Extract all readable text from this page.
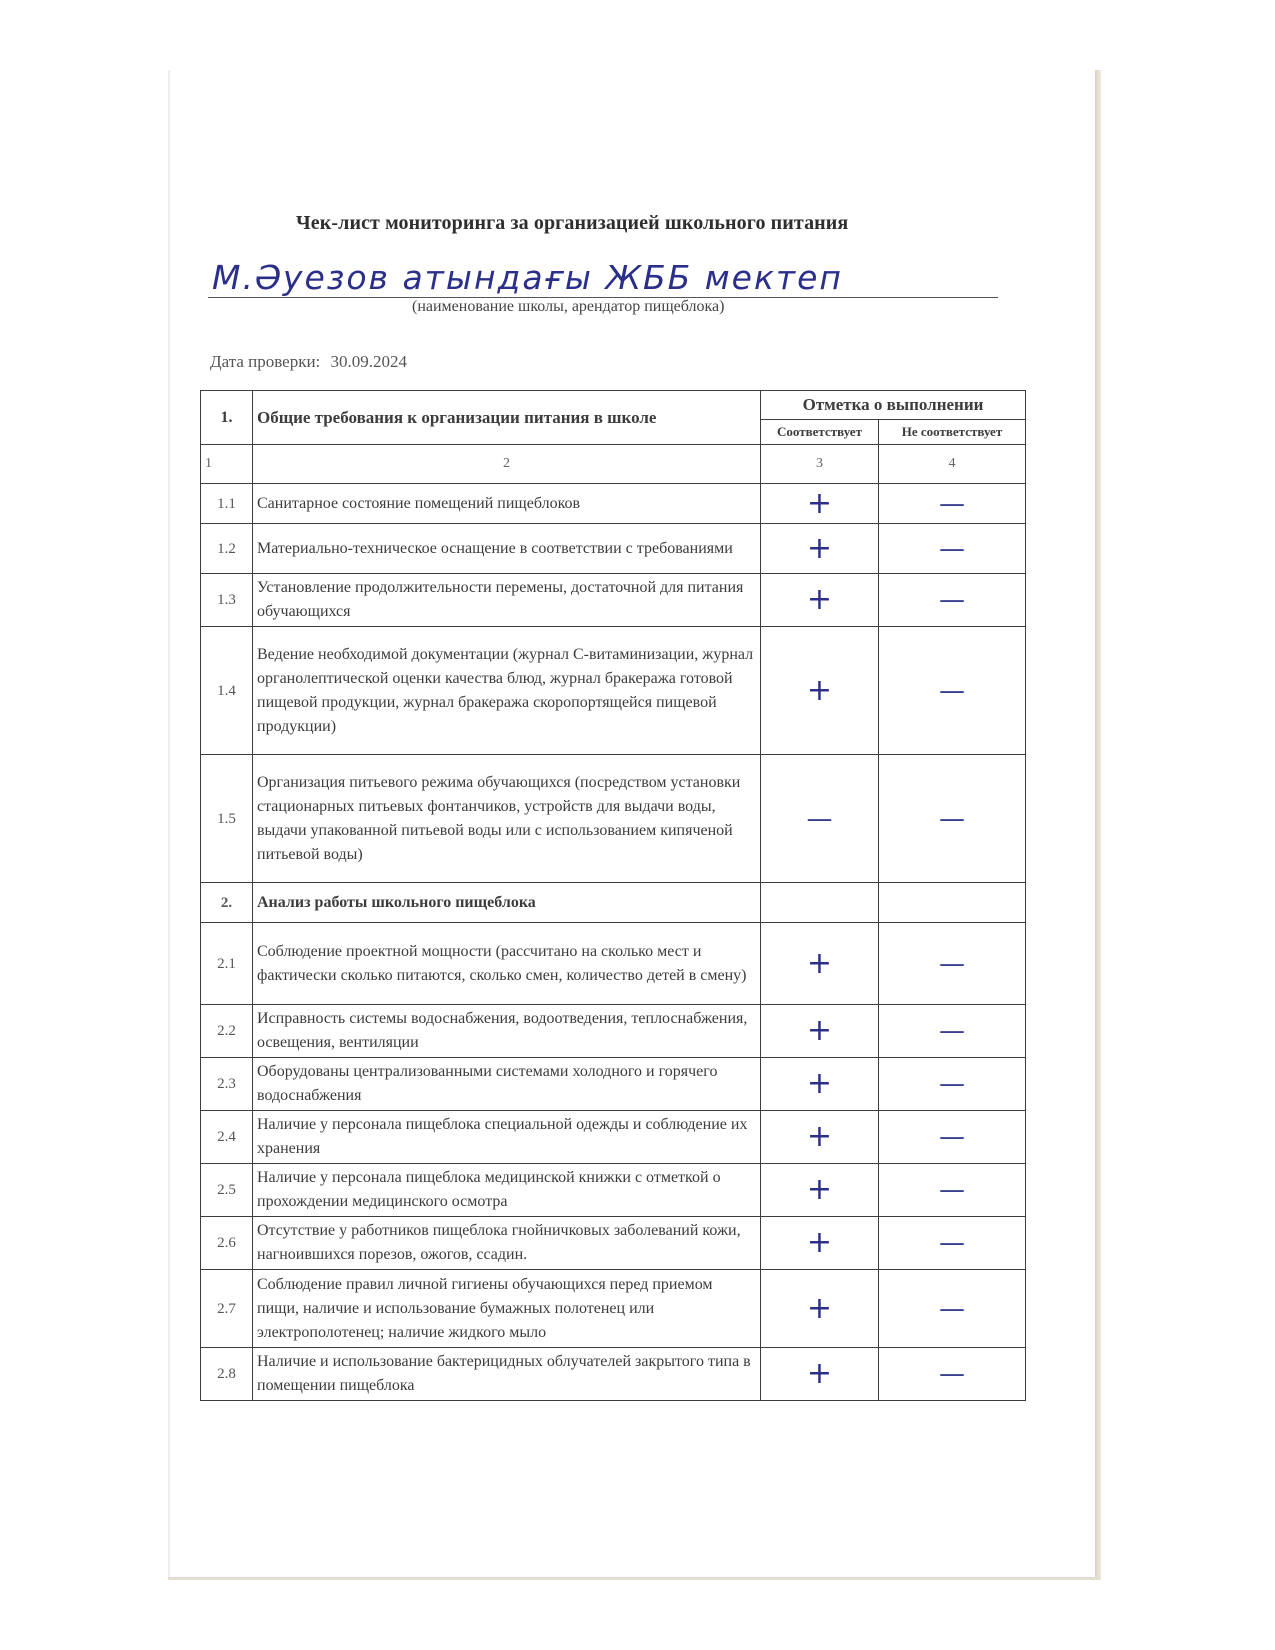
Чек-лист мониторинга за организацией школьного питания
М.Әуезов атындағы ЖББ мектеп
(наименование школы, арендатор пищеблока)
Дата проверки: 30.09.2024
1.	Общие требования к организации питания в школе	Отметка о выполнении	
		Соответствует	Не соответствует
1	2	3	4
1.1	Санитарное состояние помещений пищеблоков	+	—
1.2	Материально-техническое оснащение в соответствии с требованиями	+	—
1.3	Установление продолжительности перемены, достаточной для питания обучающихся	+	—
1.4	Ведение необходимой документации (журнал С-витаминизации, журнал органолептической оценки качества блюд, журнал бракеража готовой пищевой продукции, журнал бракеража скоропортящейся пищевой продукции)	+	—
1.5	Организация питьевого режима обучающихся (посредством установки стационарных питьевых фонтанчиков, устройств для выдачи воды, выдачи упакованной питьевой воды или с использованием кипяченой питьевой воды)	—	—
2.	Анализ работы школьного пищеблока		
2.1	Соблюдение проектной мощности (рассчитано на сколько мест и фактически сколько питаются, сколько смен, количество детей в смену)	+	—
2.2	Исправность системы водоснабжения, водоотведения, теплоснабжения, освещения, вентиляции	+	—
2.3	Оборудованы централизованными системами холодного и горячего водоснабжения	+	—
2.4	Наличие у персонала пищеблока специальной одежды и соблюдение их хранения	+	—
2.5	Наличие у персонала пищеблока медицинской книжки с отметкой о прохождении медицинского осмотра	+	—
2.6	Отсутствие у работников пищеблока гнойничковых заболеваний кожи, нагноившихся порезов, ожогов, ссадин.	+	—
2.7	Соблюдение правил личной гигиены обучающихся перед приемом пищи, наличие и использование бумажных полотенец или электрополотенец; наличие жидкого мыло	+	—
2.8	Наличие и использование бактерицидных облучателей закрытого типа в помещении пищеблока	+	—
